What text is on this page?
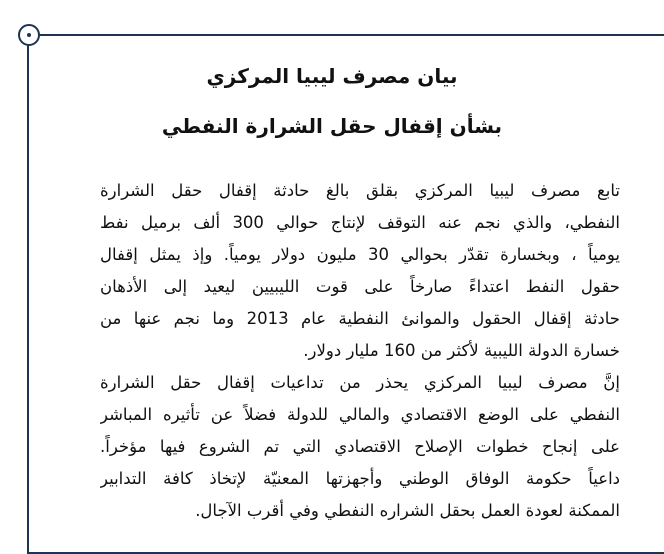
بيان مصرف ليبيا المركزي
بشأن إقفال حقل الشرارة النفطي
تابع مصرف ليبيا المركزي بقلق بالغ حادثة إقفال حقل الشرارة
النفطي، والذي نجم عنه التوقف لإنتاج حوالي 300 ألف برميل نفط
يومياً ، وبخسارة تقدّر بحوالي 30 مليون دولار يومياً. وإذ يمثل إقفال
حقول النفط اعتداءً صارخاً على قوت الليبيين ليعيد إلى الأذهان
حادثة إقفال الحقول والموانئ النفطية عام 2013 وما نجم عنها من
خسارة الدولة الليبية لأكثر من 160 مليار دولار.
إنَّ مصرف ليبيا المركزي يحذر من تداعيات إقفال حقل الشرارة
النفطي على الوضع الاقتصادي والمالي للدولة فضلاً عن تأثيره المباشر
على إنجاح خطوات الإصلاح الاقتصادي التي تم الشروع فيها مؤخراً.
داعياً حكومة الوفاق الوطني وأجهزتها المعنيّة لإتخاذ كافة التدابير
الممكنة لعودة العمل بحقل الشراره النفطي وفي أقرب الآجال.
